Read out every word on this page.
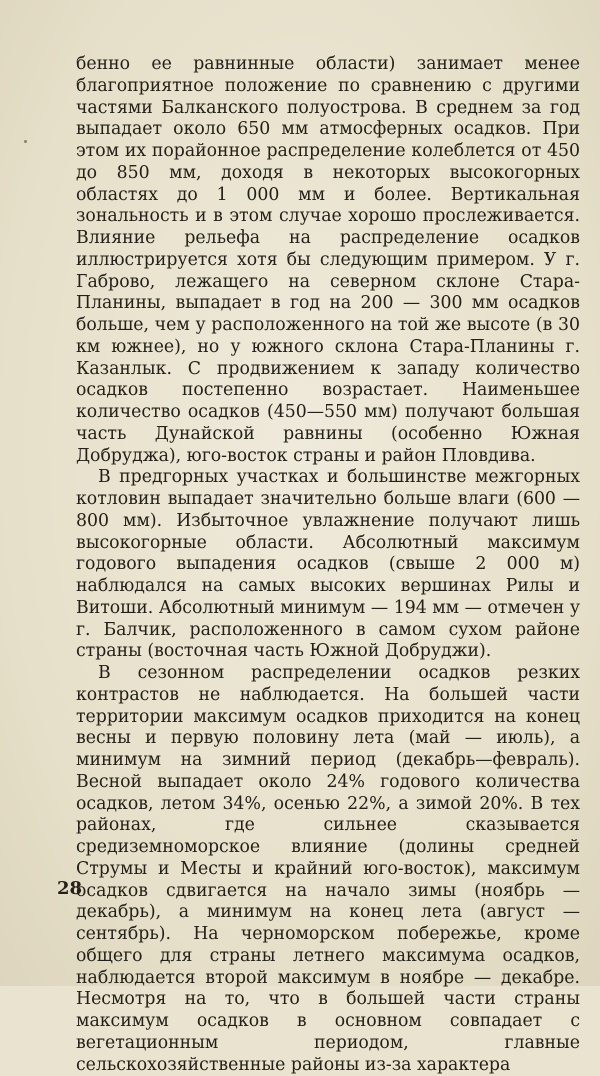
бенно ее равнинные области) занимает менее благоприятное положение по сравнению с другими частями Балканского полуострова. В среднем за год выпадает около 650 мм атмосферных осадков. При этом их порайонное распределение колеблется от 450 до 850 мм, доходя в некоторых высокогорных областях до 1 000 мм и более. Вертикальная зональность и в этом случае хорошо прослеживается. Влияние рельефа на распределение осадков иллюстрируется хотя бы следующим примером. У г. Габрово, лежащего на северном склоне Стара-Планины, выпадает в год на 200 — 300 мм осадков больше, чем у расположенного на той же высоте (в 30 км южнее), но у южного склона Стара-Планины г. Казанлык. С продвижением к западу количество осадков постепенно возрастает. Наименьшее количество осадков (450—550 мм) получают большая часть Дунайской равнины (особенно Южная Добруджа), юго-восток страны и район Пловдива.

В предгорных участках и большинстве межгорных котловин выпадает значительно больше влаги (600 — 800 мм). Избыточное увлажнение получают лишь высокогорные области. Абсолютный максимум годового выпадения осадков (свыше 2 000 м) наблюдался на самых высоких вершинах Рилы и Витоши. Абсолютный минимум — 194 мм — отмечен у г. Балчик, расположенного в самом сухом районе страны (восточная часть Южной Добруджи).

В сезонном распределении осадков резких контрастов не наблюдается. На большей части территории максимум осадков приходится на конец весны и первую половину лета (май — июль), а минимум на зимний период (декабрь—февраль). Весной выпадает около 24% годового количества осадков, летом 34%, осенью 22%, а зимой 20%. В тех районах, где сильнее сказывается средиземноморское влияние (долины средней Струмы и Месты и крайний юго-восток), максимум осадков сдвигается на начало зимы (ноябрь — декабрь), а минимум на конец лета (август — сентябрь). На черноморском побережье, кроме общего для страны летнего максимума осадков, наблюдается второй максимум в ноябре — декабре. Несмотря на то, что в большей части страны максимум осадков в основном совпадает с вегетационным периодом, главные сельскохозяйственные районы из-за характера

28
